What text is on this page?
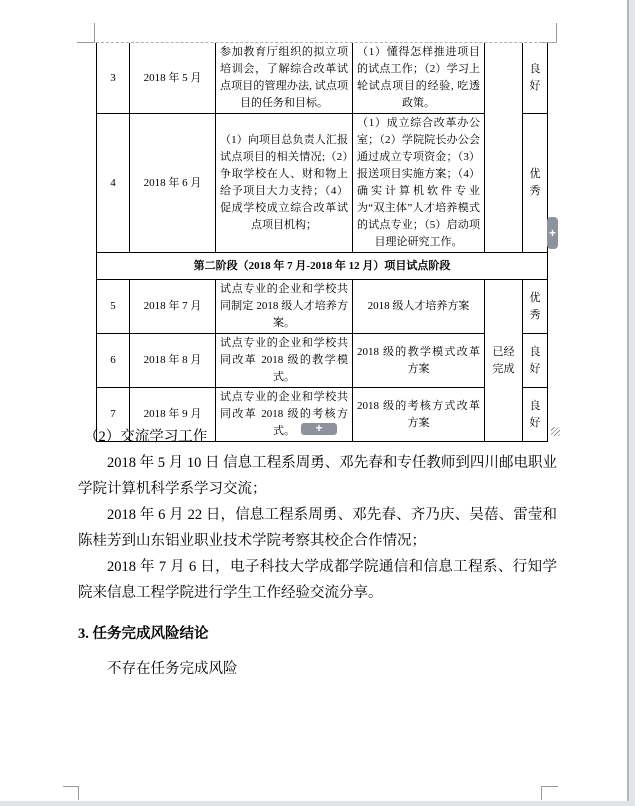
3	2018 年 5 月	参加教育厅组织的拟立项培训会，了解综合改革试点项目的管理办法, 试点项目的任务和目标。	（1）懂得怎样推进项目的试点工作；（2）学习上轮试点项目的经验, 吃透政策。		良好
4	2018 年 6 月	（1）向项目总负责人汇报试点项目的相关情况;（2）争取学校在人、财和物上给予项目大力支持；（4）促成学校成立综合改革试点项目机构；	（1）成立综合改革办公室；（2）学院院长办公会通过成立专项资金；（3）报送项目实施方案；（4）确实计算机软件专业为“双主体”人才培养模式的试点专业；（5）启动项目理论研究工作。		优秀
第二阶段（2018 年 7 月-2018 年 12 月）项目试点阶段					
5	2018 年 7 月	试点专业的企业和学校共同制定 2018 级人才培养方案。	2018 级人才培养方案	已经完成	优秀
6	2018 年 8 月	试点专业的企业和学校共同改革 2018 级的教学模式。	2018 级的教学模式改革方案		良好
7	2018 年 9 月	试点专业的企业和学校共同改革 2018 级的考核方式。	2018 级的考核方式改革方案		良好

（2）交流学习工作

2018 年 5 月 10 日 信息工程系周勇、邓先春和专任教师到四川邮电职业学院计算机科学系学习交流；

2018 年 6 月 22 日，信息工程系周勇、邓先春、齐乃庆、吴蓓、雷莹和陈桂芳到山东铝业职业技术学院考察其校企合作情况；

2018 年 7 月 6 日，电子科技大学成都学院通信和信息工程系、行知学院来信息工程学院进行学生工作经验交流分享。

3. 任务完成风险结论

不存在任务完成风险

+
+
